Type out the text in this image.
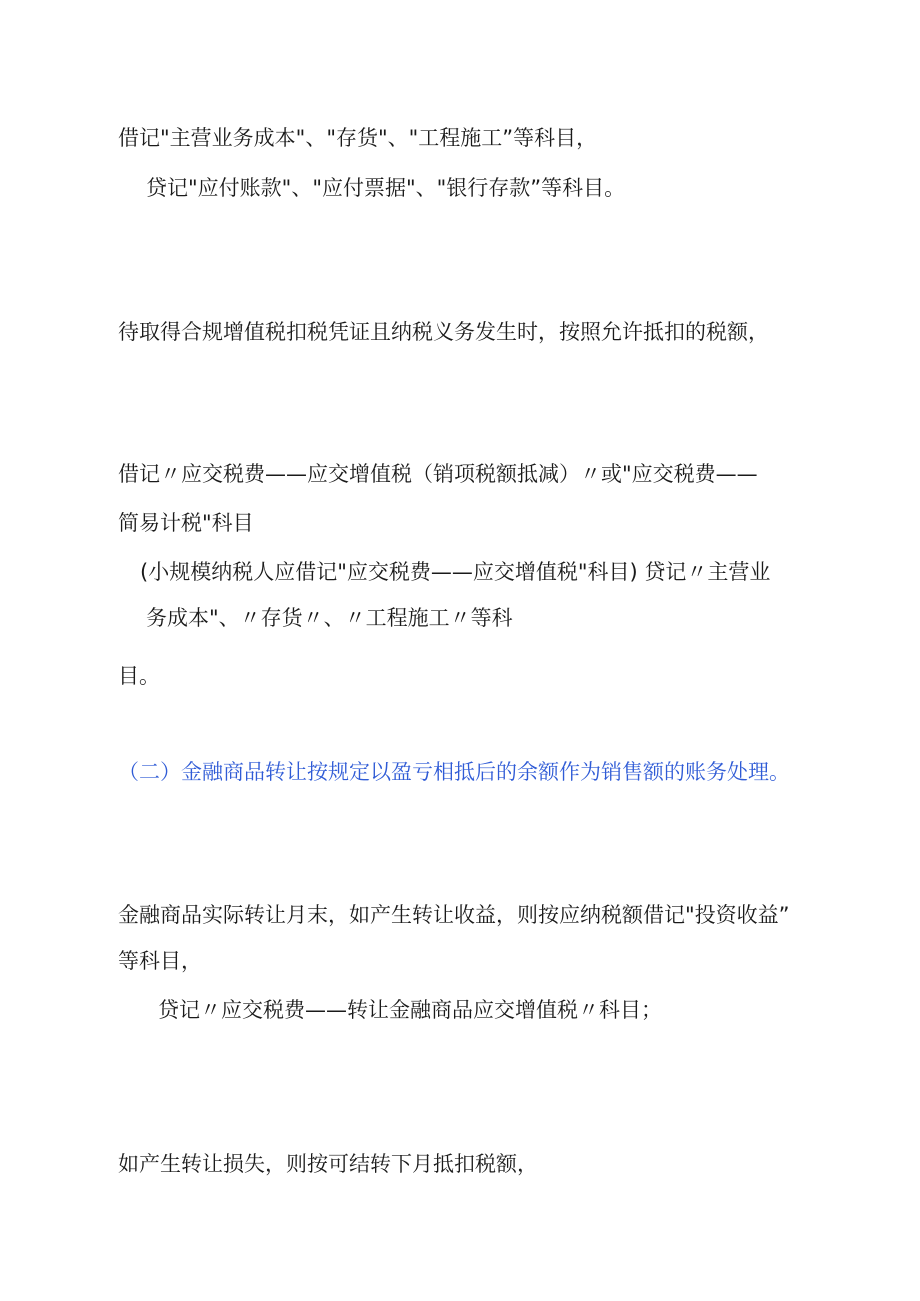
借记"主营业务成本"、"存货"、"工程施工”等科目，
贷记"应付账款"、"应付票据"、"银行存款”等科目。
待取得合规增值税扣税凭证且纳税义务发生时，按照允许抵扣的税额，
借记〃应交税费——应交增值税（销项税额抵减）〃或"应交税费——
简易计税"科目
(小规模纳税人应借记"应交税费——应交增值税"科目) 贷记〃主营业
务成本"、〃存货〃、〃工程施工〃等科
目。
（二）金融商品转让按规定以盈亏相抵后的余额作为销售额的账务处理。
金融商品实际转让月末，如产生转让收益，则按应纳税额借记"投资收益”
等科目，
贷记〃应交税费——转让金融商品应交增值税〃科目；
如产生转让损失，则按可结转下月抵扣税额，
